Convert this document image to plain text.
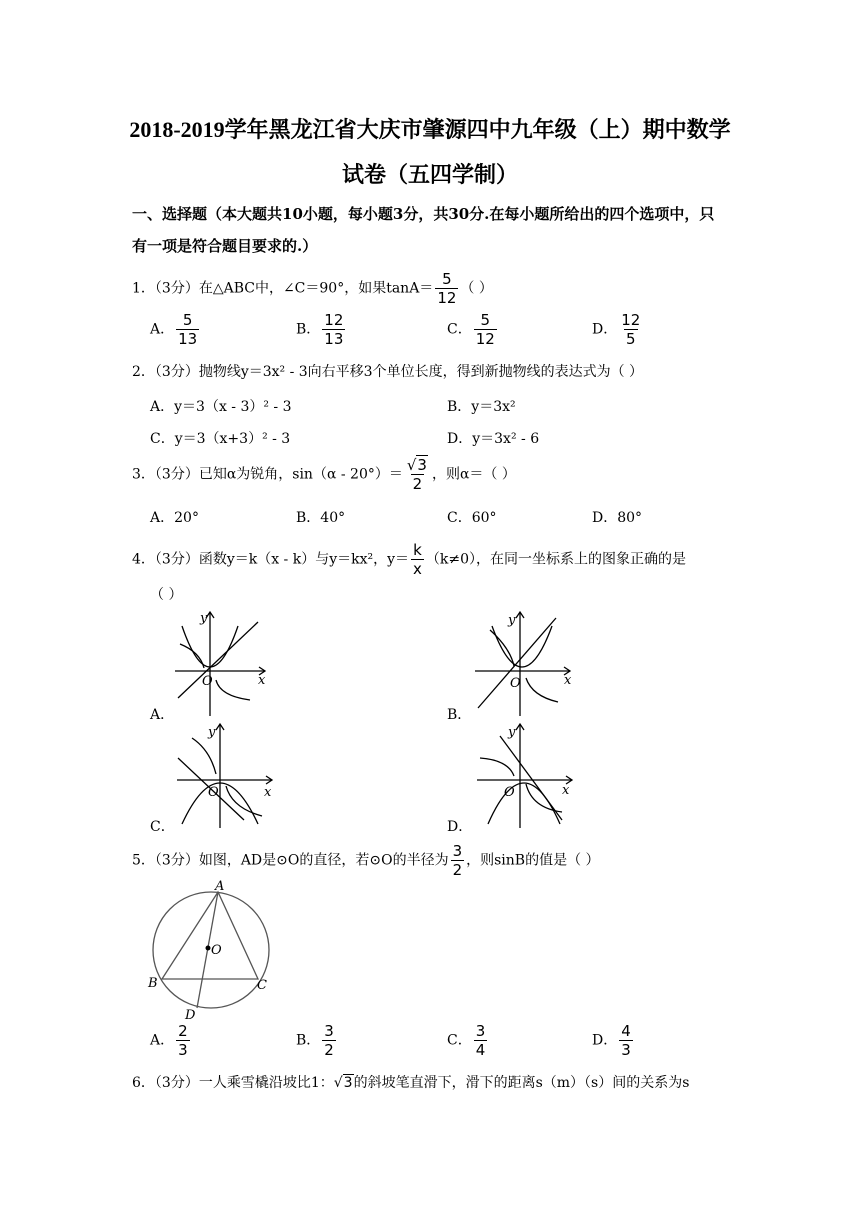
2018-2019学年黑龙江省大庆市肇源四中九年级（上）期中数学
试卷（五四学制）
一、选择题（本大题共10小题，每小题3分，共30分.在每小题所给出的四个选项中，只
有一项是符合题目要求的.）
1．（3分）在△ABC中，∠C＝90°，如果$\tan A= \frac{5}{12}$ （ ）
A． $\frac{5}{13}$	B． $\frac{12}{13}$	C． $\frac{5}{12}$	D． $\frac{12}{5}$
2．（3分）抛物线y＝3x² - 3向右平移3个单位长度，得到新抛物线的表达式为（ ）
A．y＝3（x - 3）² - 3	B．y＝3x²
C．y＝3（x+3）² - 3	D．y＝3x² - 6
3．（3分）已知α为锐角，$\sin(\alpha - 20^\circ)= \frac{√3}{2}$ ，则α＝（ ）
A．20°	B．40°	C．60°	D．80°
4．（3分）函数y＝k（x - k）与y＝kx²，$y= \frac{k}{x} (k\ne 0)$，在同一坐标系上的图象正确的是
（ ）
x
y
O
A．
x
y
O
B．
x
y
O
C．
x
y
O
D．
5．（3分）如图，AD是⊙O的直径，若⊙O的半径为 $\frac{3}{2}$ ，则sinB的值是（ ）
A
B	C
D
O
A． $\frac{2}{3}$	B． $\frac{3}{2}$	C． $\frac{3}{4}$	D． $\frac{4}{3}$
6．（3分）一人乘雪橇沿坡比1：√3的斜坡笔直滑下，滑下的距离s（m）（s）间的关系为s
